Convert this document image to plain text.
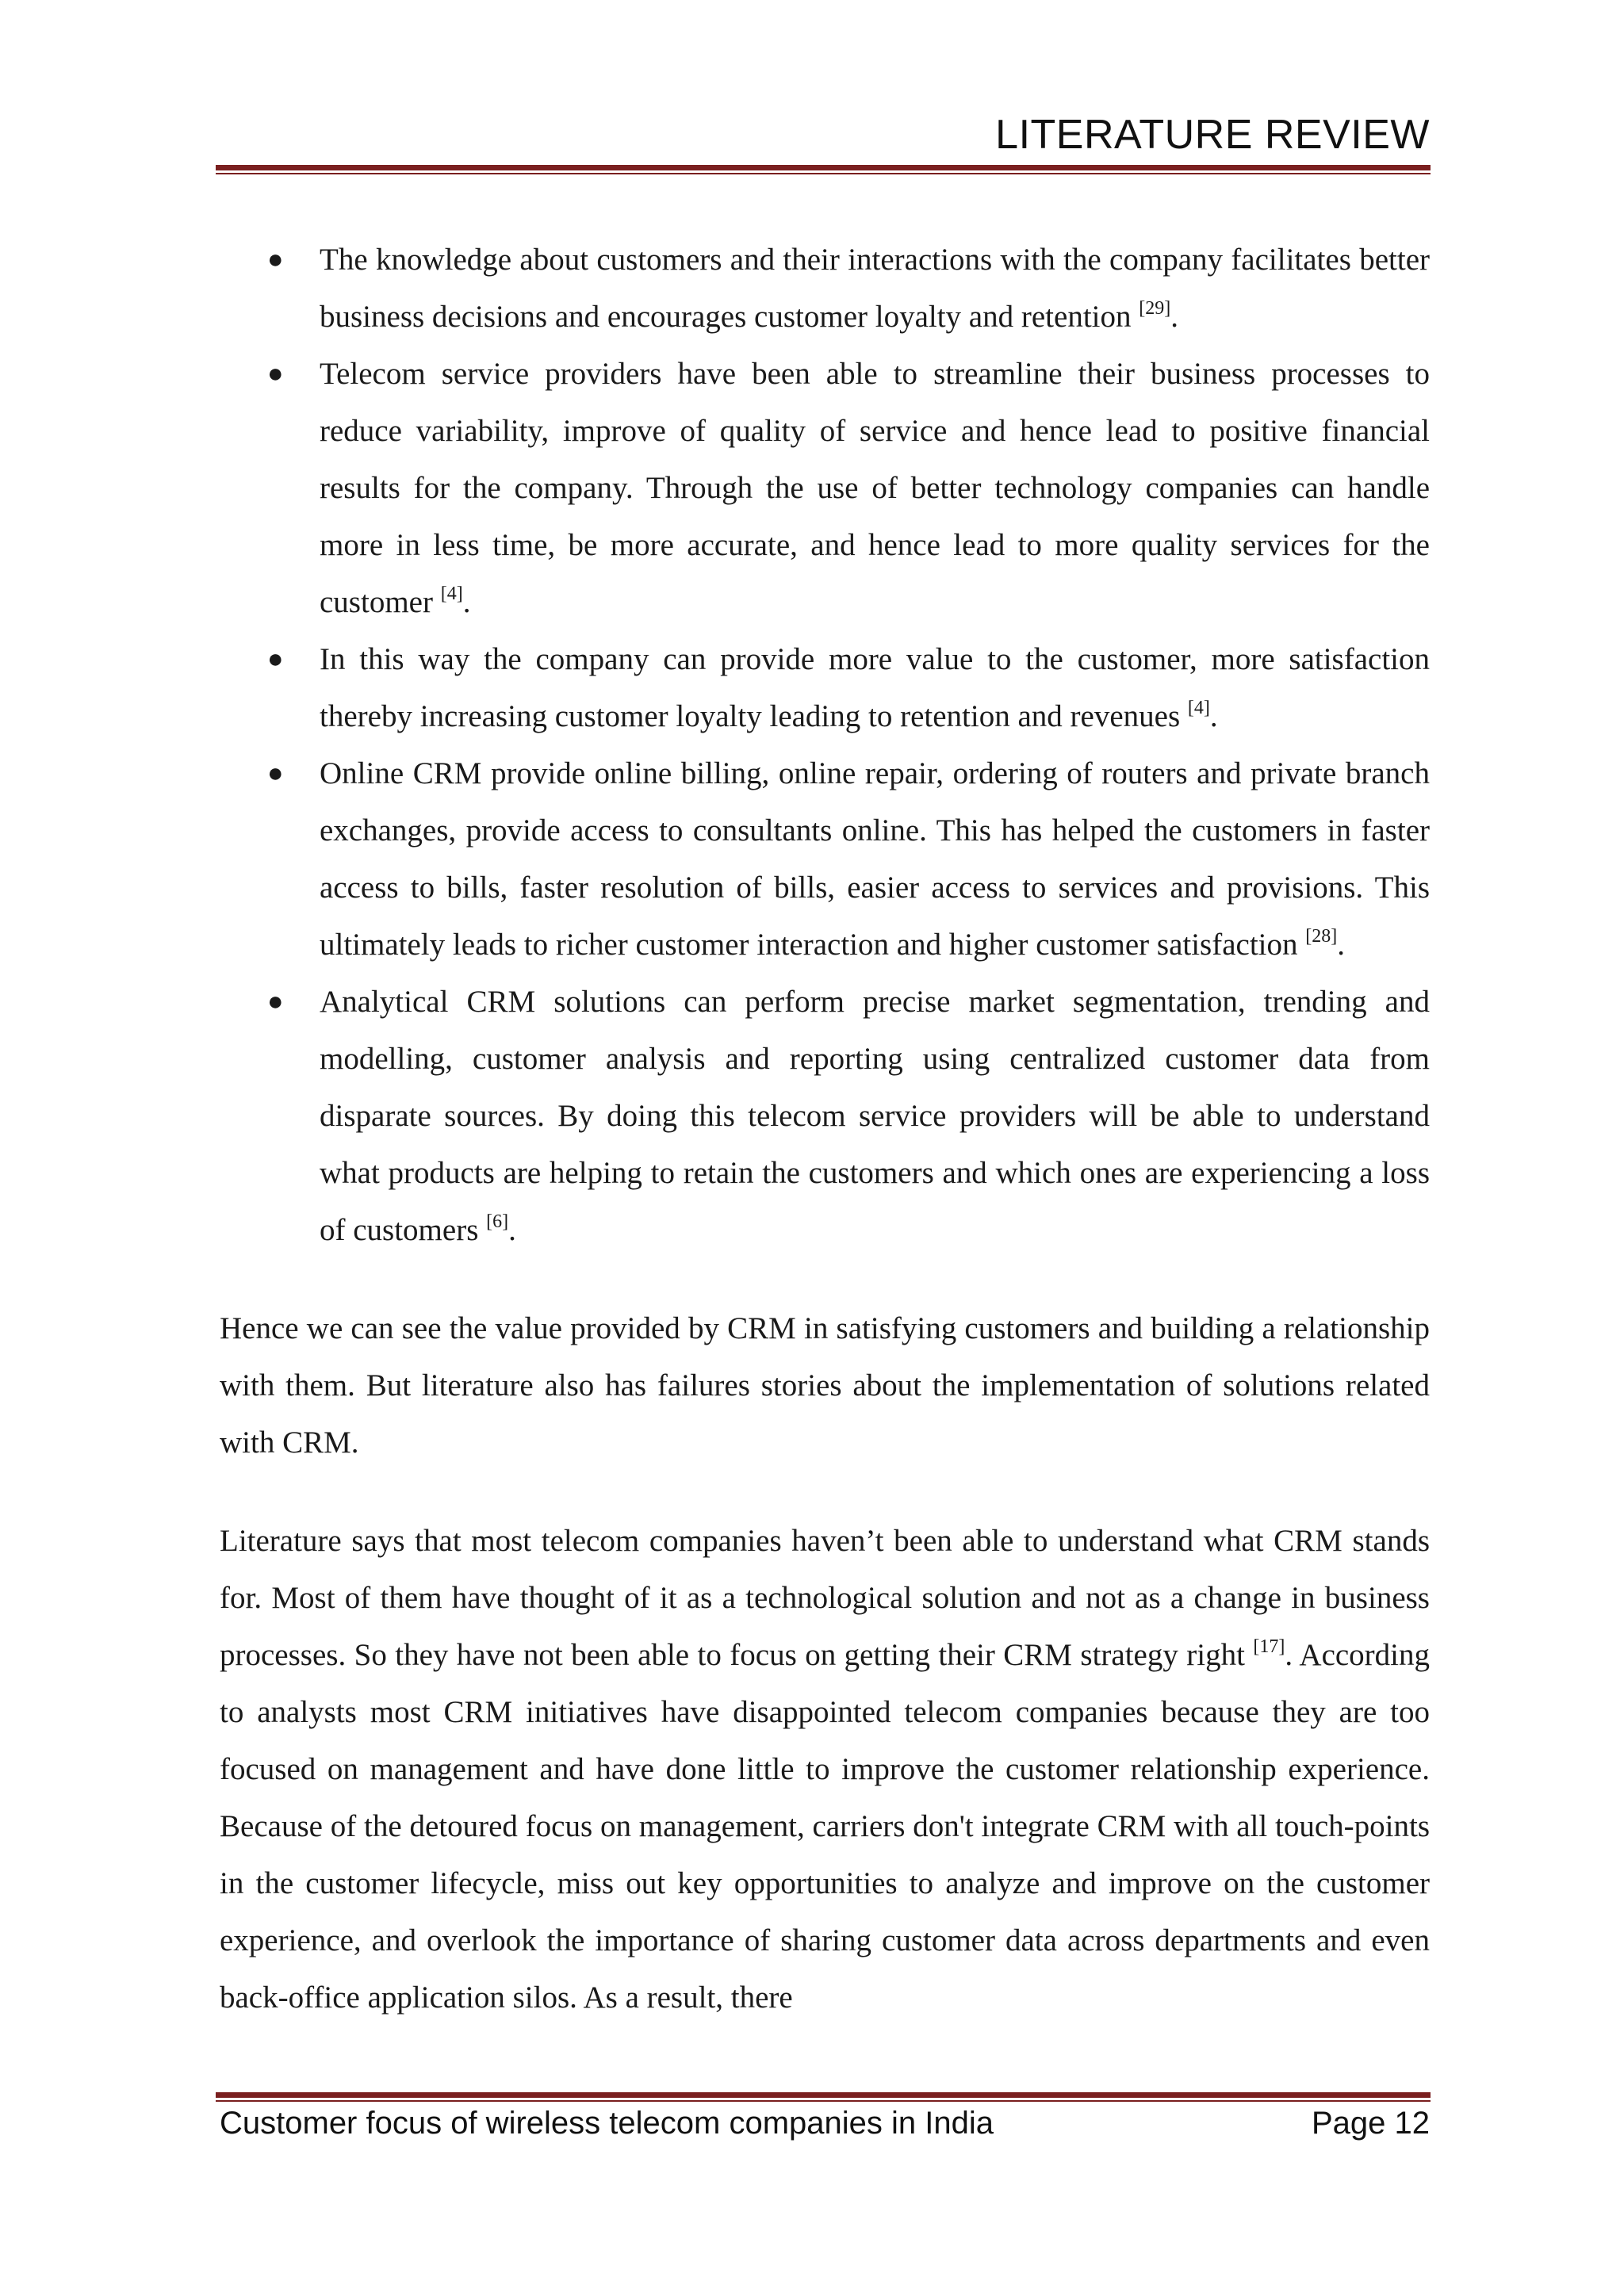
LITERATURE REVIEW
● The knowledge about customers and their interactions with the company facilitates better business decisions and encourages customer loyalty and retention [29].
● Telecom service providers have been able to streamline their business processes to reduce variability, improve of quality of service and hence lead to positive financial results for the company. Through the use of better technology companies can handle more in less time, be more accurate, and hence lead to more quality services for the customer [4].
● In this way the company can provide more value to the customer, more satisfaction thereby increasing customer loyalty leading to retention and revenues [4].
● Online CRM provide online billing, online repair, ordering of routers and private branch exchanges, provide access to consultants online. This has helped the customers in faster access to bills, faster resolution of bills, easier access to services and provisions. This ultimately leads to richer customer interaction and higher customer satisfaction [28].
● Analytical CRM solutions can perform precise market segmentation, trending and modelling, customer analysis and reporting using centralized customer data from disparate sources. By doing this telecom service providers will be able to understand what products are helping to retain the customers and which ones are experiencing a loss of customers [6].

Hence we can see the value provided by CRM in satisfying customers and building a relationship with them. But literature also has failures stories about the implementation of solutions related with CRM.

Literature says that most telecom companies haven’t been able to understand what CRM stands for. Most of them have thought of it as a technological solution and not as a change in business processes. So they have not been able to focus on getting their CRM strategy right [17]. According to analysts most CRM initiatives have disappointed telecom companies because they are too focused on management and have done little to improve the customer relationship experience. Because of the detoured focus on management, carriers don't integrate CRM with all touch-points in the customer lifecycle, miss out key opportunities to analyze and improve on the customer experience, and overlook the importance of sharing customer data across departments and even back-office application silos. As a result, there

Customer focus of wireless telecom companies in India	Page 12
